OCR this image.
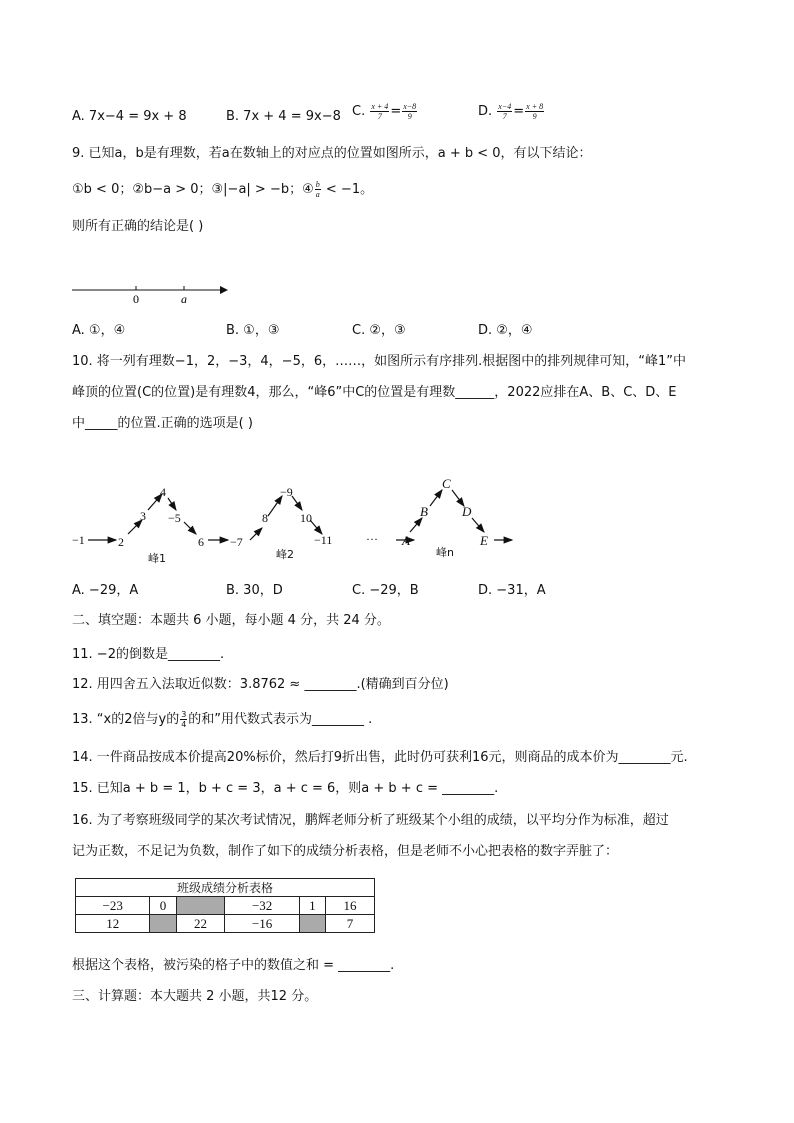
A. 7x−4 = 9x + 8	B. 7x + 4 = 9x−8 C. $\frac{x + 4}{7} = \frac{x-8}{9}$	D. $\frac{x-4}{7} = \frac{x + 8}{9}$
9. 已知a，b是有理数，若a在数轴上的对应点的位置如图所示，a + b < 0，有以下结论：
①b < 0；②b−a > 0；③|−a| > −b；④ $\frac{b}{a} < -1$。
则所有正确的结论是( )
0	a
A. ①，④	B. ①，③	C. ②，③	D. ②，④
10. 将一列有理数−1，2，−3，4，−5，6，……，如图所示有序排列.根据图中的排列规律可知，“峰1”中
峰顶的位置(C的位置)是有理数4，那么，“峰6”中C的位置是有理数______，2022应排在A、B、C、D、E
中_____的位置.正确的选项是( )
−1	2
3
4
−5
6 −7
8
−9
10
−11	··· A
B
C
D
E
峰1	峰2	峰n
A. −29，A	B. 30，D	C. −29，B	D. −31，A
二、填空题：本题共 6 小题，每小题 4 分，共 24 分。
11. −2的倒数是________.
12. 用四舍五入法取近似数：3.8762 ≈ ________.(精确到百分位)
13. “x的2倍与y的 $\frac{3}{4}$ 的和”用代数式表示为________ .
14. 一件商品按成本价提高20%标价，然后打9折出售，此时仍可获利16元，则商品的成本价为________元.
15. 已知a + b = 1，b + c = 3，a + c = 6，则a + b + c = ________.
16. 为了考察班级同学的某次考试情况，鹏辉老师分析了班级某个小组的成绩，以平均分作为标准，超过
记为正数，不足记为负数，制作了如下的成绩分析表格，但是老师不小心把表格的数字弄脏了：
班级成绩分析表格					
−23	0		−32	1	16
12		22	−16		7
根据这个表格，被污染的格子中的数值之和 = ________.
三、计算题：本大题共 2 小题，共12 分。
